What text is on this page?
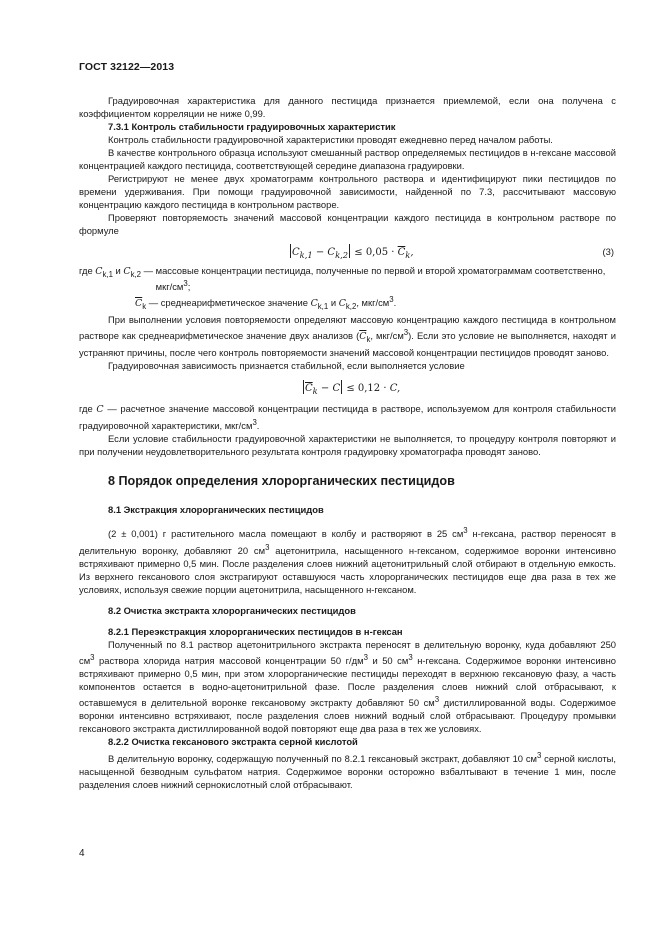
ГОСТ 32122—2013

Градуировочная характеристика для данного пестицида признается приемлемой, если она получена с коэффициентом корреляции не ниже 0,99.

7.3.1 Контроль стабильности градуировочных характеристик

Контроль стабильности градуировочной характеристики проводят ежедневно перед началом работы.

В качестве контрольного образца используют смешанный раствор определяемых пестицидов в н-гексане массовой концентрацией каждого пестицида, соответствующей середине диапазона градуировки.

Регистрируют не менее двух хроматограмм контрольного раствора и идентифицируют пики пестицидов по времени удерживания. При помощи градуировочной зависимости, найденной по 7.3, рассчитывают массовую концентрацию каждого пестицида в контрольном растворе.

Проверяют повторяемость значений массовой концентрации каждого пестицида в контрольном растворе по формуле

$C_{k,1} - C_{k,2} \le 0,05 \cdot \overline{C}_k$,	(3)
где $C_{k,1}$ и $C_{k,2}$ — массовые концентрации пестицида, полученные по первой и второй хроматограммам соответственно, мкг/$см^3$;

$\overline{C}_k$ — среднеарифметическое значение $C_{k,1}$ и $C_{k,2}$, мкг/$см^3$.

При выполнении условия повторяемости определяют массовую концентрацию каждого пестицида в контрольном растворе как среднеарифметическое значение двух анализов ($\overline{C}_k$, мкг/$см^3$). Если это условие не выполняется, находят и устраняют причины, после чего контроль повторяемости значений массовой концентрации пестицидов проводят заново.

Градуировочная зависимость признается стабильной, если выполняется условие

$\overline{C}_k - C \le 0,12 \cdot C$,

где C — расчетное значение массовой концентрации пестицида в растворе, используемом для контроля стабильности градуировочной характеристики, мкг/$см^3$.

Если условие стабильности градуировочной характеристики не выполняется, то процедуру контроля повторяют и при получении неудовлетворительного результата контроля градуировку хроматографа проводят заново.

8 Порядок определения хлорорганических пестицидов

8.1 Экстракция хлорорганических пестицидов

(2 ± 0,001) г растительного масла помещают в колбу и растворяют в 25 $см^3$ н-гексана, раствор переносят в делительную воронку, добавляют 20 $см^3$ ацетонитрила, насыщенного н-гексаном, содержимое воронки интенсивно встряхивают примерно 0,5 мин. После разделения слоев нижний ацетонитрильный слой отбирают в отдельную емкость. Из верхнего гексанового слоя экстрагируют оставшуюся часть хлорорганических пестицидов еще два раза в тех же условиях, используя свежие порции ацетонитрила, насыщенного н-гексаном.

8.2 Очистка экстракта хлорорганических пестицидов

8.2.1 Переэкстракция хлорорганических пестицидов в н-гексан

Полученный по 8.1 раствор ацетонитрильного экстракта переносят в делительную воронку, куда добавляют 250 $см^3$ раствора хлорида натрия массовой концентрации 50 $г/дм^3$ и 50 $см^3$ н-гексана. Содержимое воронки интенсивно встряхивают примерно 0,5 мин, при этом хлорорганические пестициды переходят в верхнюю гексановую фазу, а часть компонентов остается в водно-ацетонитрильной фазе. После разделения слоев нижний слой отбрасывают, к оставшемуся в делительной воронке гексановому экстракту добавляют 50 $см^3$ дистиллированной воды. Содержимое воронки интенсивно встряхивают, после разделения слоев нижний водный слой отбрасывают. Процедуру промывки гексанового экстракта дистиллированной водой повторяют еще два раза в тех же условиях.

8.2.2 Очистка гексанового экстракта серной кислотой

В делительную воронку, содержащую полученный по 8.2.1 гексановый экстракт, добавляют 10 $см^3$ серной кислоты, насыщенной безводным сульфатом натрия. Содержимое воронки осторожно взбалтывают в течение 1 мин, после разделения слоев нижний сернокислотный слой отбрасывают.

4
